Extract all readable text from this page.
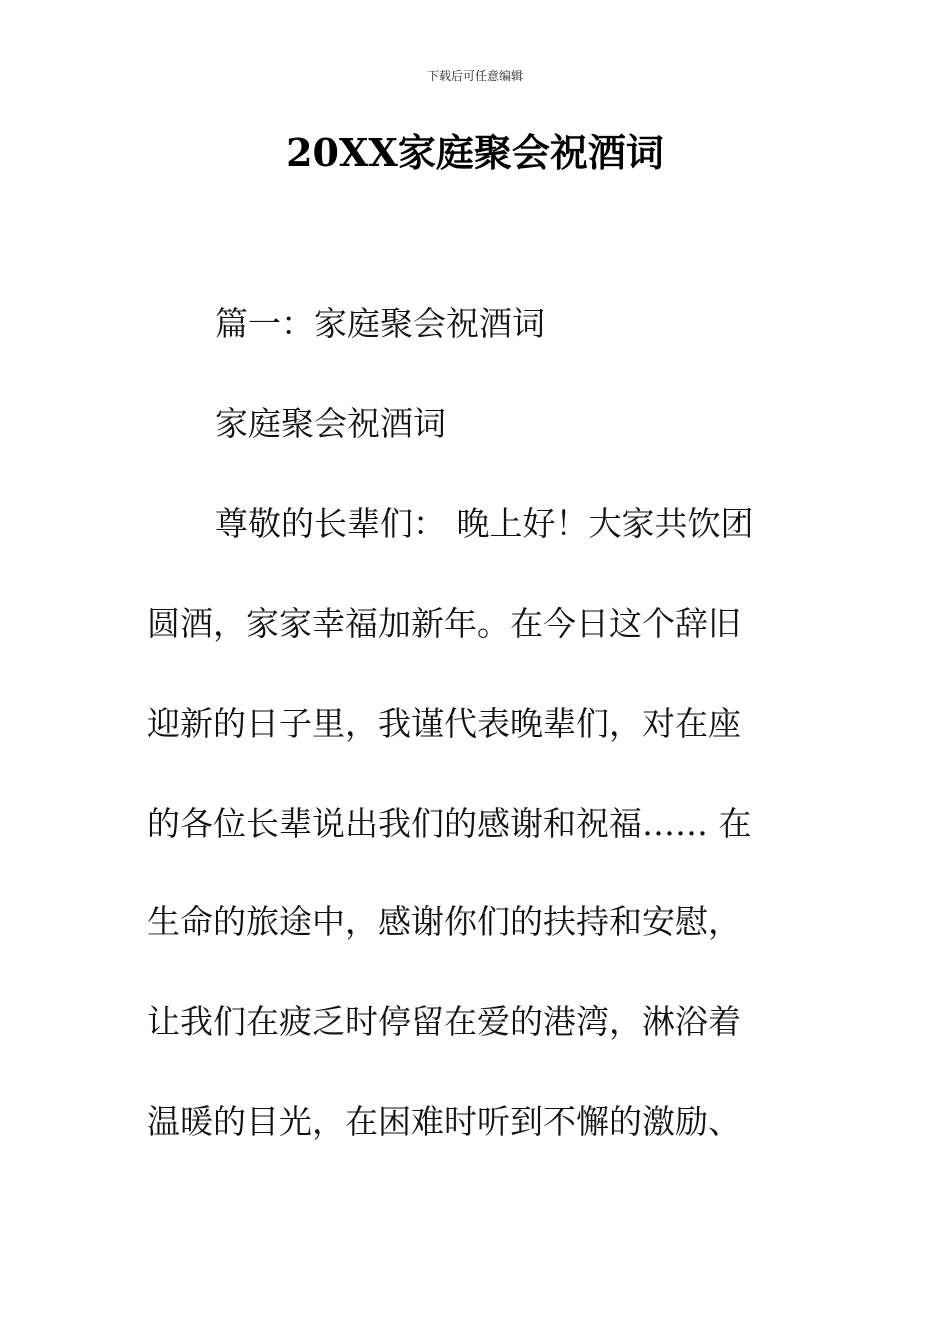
下载后可任意编辑
20XX家庭聚会祝酒词
篇一：家庭聚会祝酒词
家庭聚会祝酒词
尊敬的长辈们： 晚上好！大家共饮团
圆酒，家家幸福加新年。在今日这个辞旧
迎新的日子里，我谨代表晚辈们，对在座
的各位长辈说出我们的感谢和祝福…… 在
生命的旅途中，感谢你们的扶持和安慰，
让我们在疲乏时停留在爱的港湾，淋浴着
温暖的目光，在困难时听到不懈的激励、
